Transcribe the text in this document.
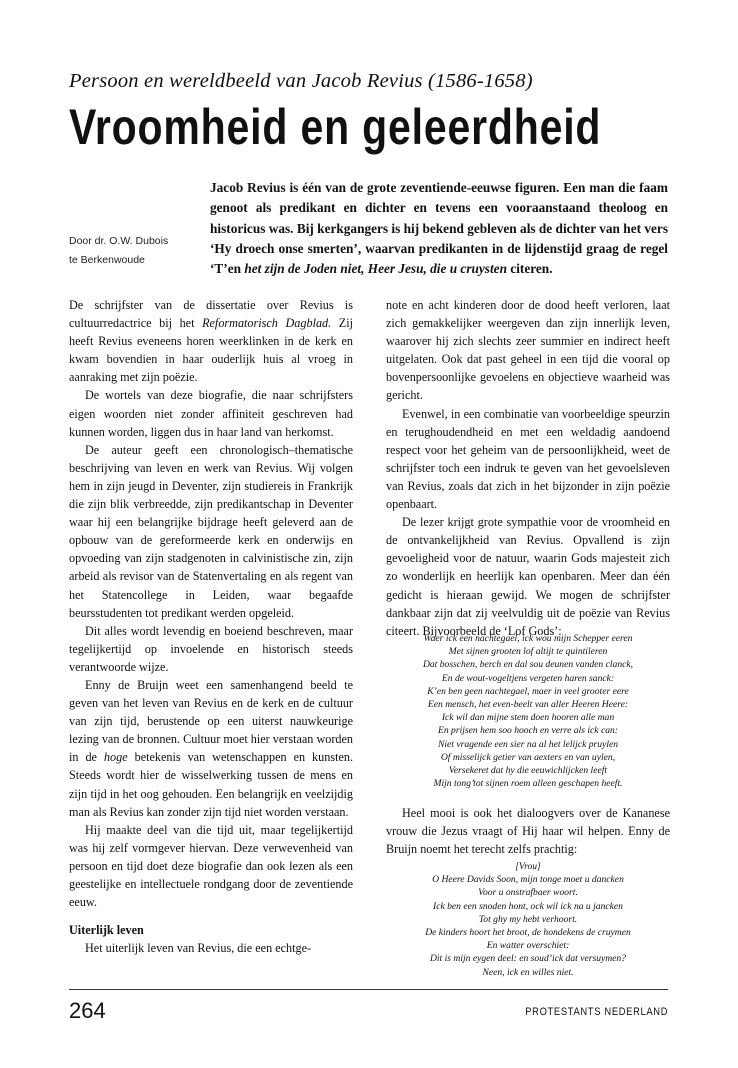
Persoon en wereldbeeld van Jacob Revius (1586-1658)
Vroomheid en geleerdheid
Jacob Revius is één van de grote zeventiende-eeuwse figuren. Een man die faam genoot als predikant en dichter en tevens een vooraanstaand theoloog en historicus was. Bij kerkgangers is hij bekend gebleven als de dichter van het vers ‘Hy droech onse smerten’, waarvan predikanten in de lijdenstijd graag de regel ‘T’en het zijn de Joden niet, Heer Jesu, die u cruysten citeren.
Door dr. O.W. Dubois
te Berkenwoude

De schrijfster van de dissertatie over Revius is cultuurredactrice bij het Reformatorisch Dagblad. Zij heeft Revius eveneens horen weerklinken in de kerk en kwam bovendien in haar ouderlijk huis al vroeg in aanraking met zijn poëzie.

De wortels van deze biografie, die naar schrijfsters eigen woorden niet zonder affiniteit geschreven had kunnen worden, liggen dus in haar land van herkomst.

De auteur geeft een chronologisch–thematische beschrijving van leven en werk van Revius. Wij volgen hem in zijn jeugd in Deventer, zijn studiereis in Frankrijk die zijn blik verbreedde, zijn predikantschap in Deventer waar hij een belangrijke bijdrage heeft geleverd aan de opbouw van de gereformeerde kerk en onderwijs en opvoeding van zijn stadgenoten in calvinistische zin, zijn arbeid als revisor van de Statenvertaling en als regent van het Statencollege in Leiden, waar begaafde beursstudenten tot predikant werden opgeleid.

Dit alles wordt levendig en boeiend beschreven, maar tegelijkertijd op invoelende en historisch steeds verantwoorde wijze.

Enny de Bruijn weet een samenhangend beeld te geven van het leven van Revius en de kerk en de cultuur van zijn tijd, berustende op een uiterst nauwkeurige lezing van de bronnen. Cultuur moet hier verstaan worden in de hoge betekenis van wetenschappen en kunsten. Steeds wordt hier de wisselwerking tussen de mens en zijn tijd in het oog gehouden. Een belangrijk en veelzijdig man als Revius kan zonder zijn tijd niet worden verstaan.

Hij maakte deel van die tijd uit, maar tegelijkertijd was hij zelf vormgever hiervan. Deze verwevenheid van persoon en tijd doet deze biografie dan ook lezen als een geestelijke en intellectuele rondgang door de zeventiende eeuw.

Uiterlijk leven

Het uiterlijk leven van Revius, die een echtge-

note en acht kinderen door de dood heeft verloren, laat zich gemakkelijker weergeven dan zijn innerlijk leven, waarover hij zich slechts zeer summier en indirect heeft uitgelaten. Ook dat past geheel in een tijd die vooral op bovenpersoonlijke gevoelens en objectieve waarheid was gericht.

Evenwel, in een combinatie van voorbeeldige speurzin en terughoudendheid en met een weldadig aandoend respect voor het geheim van de persoonlijkheid, weet de schrijfster toch een indruk te geven van het gevoelsleven van Revius, zoals dat zich in het bijzonder in zijn poëzie openbaart.

De lezer krijgt grote sympathie voor de vroomheid en de ontvankelijkheid van Revius. Opvallend is zijn gevoeligheid voor de natuur, waarin Gods majesteit zich zo wonderlijk en heerlijk kan openbaren. Meer dan één gedicht is hieraan gewijd. We mogen de schrijfster dankbaar zijn dat zij veelvuldig uit de poëzie van Revius citeert. Bijvoorbeeld de ‘Lof Gods’:

Waer ick een nachtegael, ick wou mijn Schepper eeren
Met sijnen grooten lof altijt te quintileren
Dat bosschen, berch en dal sou deunen vanden clanck,
En de wout-vogeltjens vergeten haren sanck:
K’en ben geen nachtegael, maer in veel grooter eere
Een mensch, het even-beelt van aller Heeren Heere:
Ick wil dan mijne stem doen hooren alle man
En prijsen hem soo hooch en verre als ick can:
Niet vragende een sier na al het lelijck pruylen
Of misselijck getier van aexters en van uylen,
Versekeret dat hy die eeuwichlijcken leeft
Mijn tong’tot sijnen roem alleen geschapen heeft.

Heel mooi is ook het dialoogvers over de Kananese vrouw die Jezus vraagt of Hij haar wil helpen. Enny de Bruijn noemt het terecht zelfs prachtig:

[Vrou]
O Heere Davids Soon, mijn tonge moet u dancken
Voor u onstrafbaer woort.
Ick ben een snoden hont, ock wil ick na u jancken
Tot ghy my hebt verhoort.
De kinders hoort het broot, de hondekens de cruymen
En watter overschiet:
Dit is mijn eygen deel: en soud’ick dat versuymen?
Neen, ick en willes niet.
264	PROTESTANTS NEDERLAND
